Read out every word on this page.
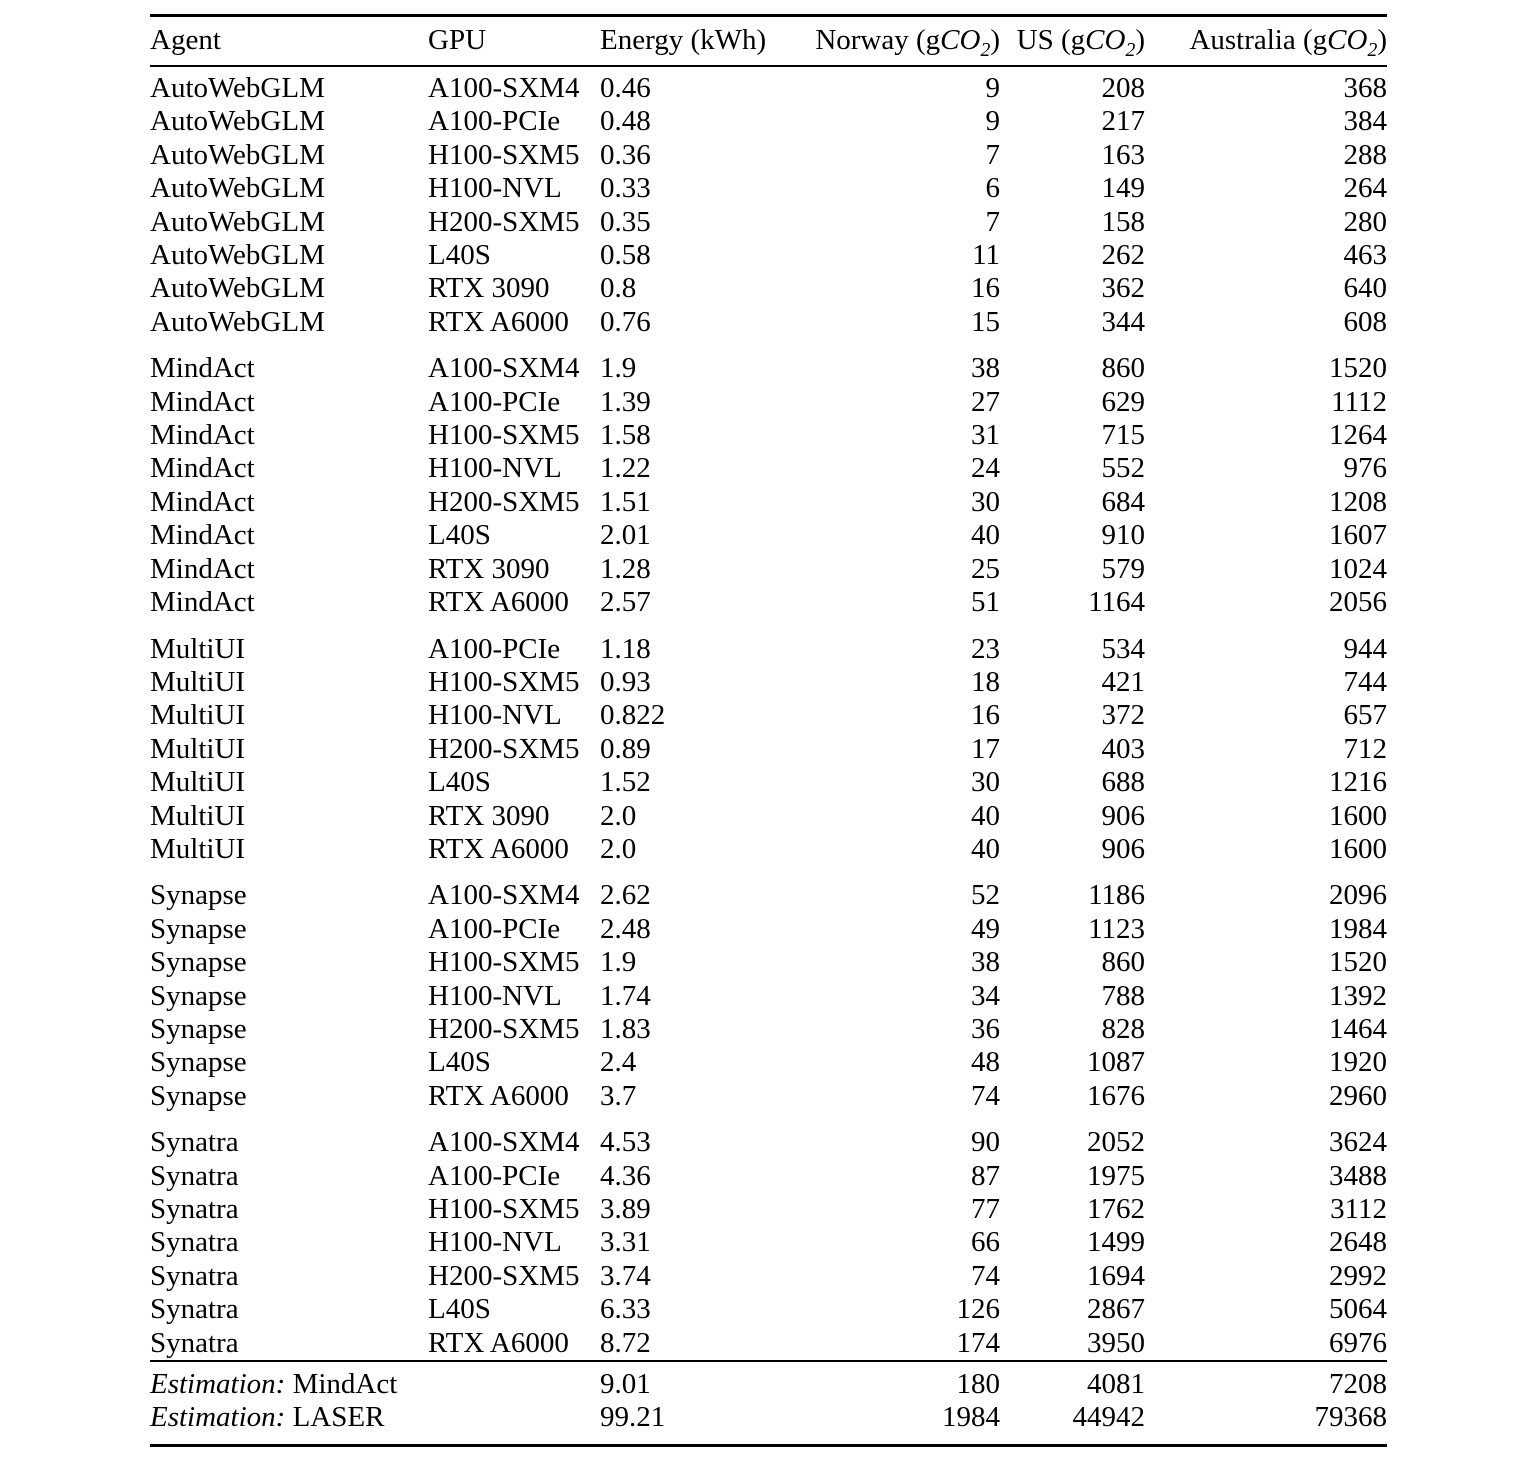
Agent	GPU	Energy (kWh)	Norway (gCO$_2$)	US (gCO$_2$)	Australia (gCO$_2$)
AutoWebGLM	A100-SXM4	0.46	9	208	368
AutoWebGLM	A100-PCIe	0.48	9	217	384
AutoWebGLM	H100-SXM5	0.36	7	163	288
AutoWebGLM	H100-NVL	0.33	6	149	264
AutoWebGLM	H200-SXM5	0.35	7	158	280
AutoWebGLM	L40S	0.58	11	262	463
AutoWebGLM	RTX 3090	0.8	16	362	640
AutoWebGLM	RTX A6000	0.76	15	344	608
MindAct	A100-SXM4	1.9	38	860	1520
MindAct	A100-PCIe	1.39	27	629	1112
MindAct	H100-SXM5	1.58	31	715	1264
MindAct	H100-NVL	1.22	24	552	976
MindAct	H200-SXM5	1.51	30	684	1208
MindAct	L40S	2.01	40	910	1607
MindAct	RTX 3090	1.28	25	579	1024
MindAct	RTX A6000	2.57	51	1164	2056
MultiUI	A100-PCIe	1.18	23	534	944
MultiUI	H100-SXM5	0.93	18	421	744
MultiUI	H100-NVL	0.822	16	372	657
MultiUI	H200-SXM5	0.89	17	403	712
MultiUI	L40S	1.52	30	688	1216
MultiUI	RTX 3090	2.0	40	906	1600
MultiUI	RTX A6000	2.0	40	906	1600
Synapse	A100-SXM4	2.62	52	1186	2096
Synapse	A100-PCIe	2.48	49	1123	1984
Synapse	H100-SXM5	1.9	38	860	1520
Synapse	H100-NVL	1.74	34	788	1392
Synapse	H200-SXM5	1.83	36	828	1464
Synapse	L40S	2.4	48	1087	1920
Synapse	RTX A6000	3.7	74	1676	2960
Synatra	A100-SXM4	4.53	90	2052	3624
Synatra	A100-PCIe	4.36	87	1975	3488
Synatra	H100-SXM5	3.89	77	1762	3112
Synatra	H100-NVL	3.31	66	1499	2648
Synatra	H200-SXM5	3.74	74	1694	2992
Synatra	L40S	6.33	126	2867	5064
Synatra	RTX A6000	8.72	174	3950	6976
Estimation: MindAct		9.01	180	4081	7208
Estimation: LASER		99.21	1984	44942	79368
